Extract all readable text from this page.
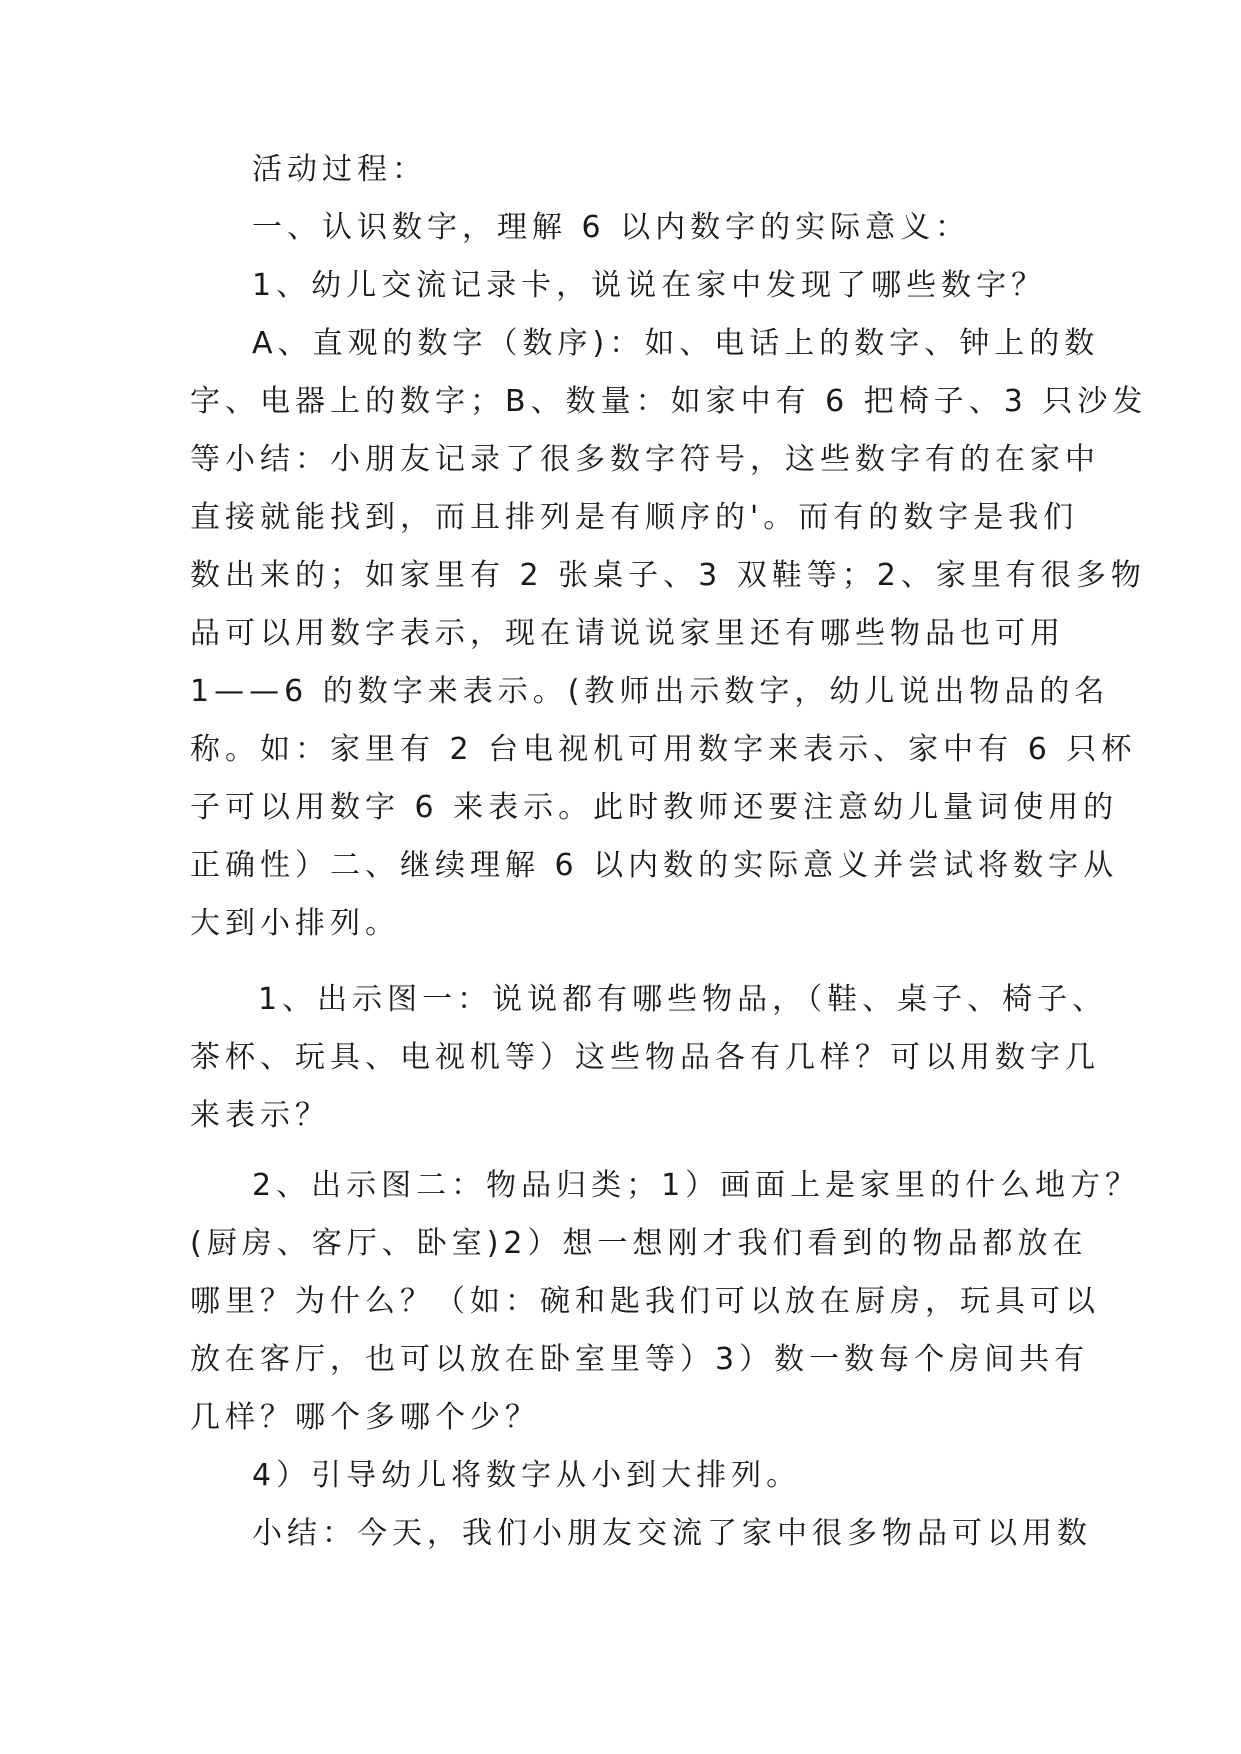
活动过程：
一、认识数字，理解 6 以内数字的实际意义：
1、幼儿交流记录卡，说说在家中发现了哪些数字？
A、直观的数字（数序)：如、电话上的数字、钟上的数
字、电器上的数字；B、数量：如家中有 6 把椅子、3 只沙发
等小结：小朋友记录了很多数字符号，这些数字有的在家中
直接就能找到，而且排列是有顺序的'。而有的数字是我们
数出来的；如家里有 2 张桌子、3 双鞋等；2、家里有很多物
品可以用数字表示，现在请说说家里还有哪些物品也可用
1——6 的数字来表示。(教师出示数字，幼儿说出物品的名
称。如：家里有 2 台电视机可用数字来表示、家中有 6 只杯
子可以用数字 6 来表示。此时教师还要注意幼儿量词使用的
正确性）二、继续理解 6 以内数的实际意义并尝试将数字从
大到小排列。
1、出示图一：说说都有哪些物品，（鞋、桌子、椅子、
茶杯、玩具、电视机等）这些物品各有几样？可以用数字几
来表示？
2、出示图二：物品归类；1）画面上是家里的什么地方？
(厨房、客厅、卧室)2）想一想刚才我们看到的物品都放在
哪里？为什么？（如：碗和匙我们可以放在厨房，玩具可以
放在客厅，也可以放在卧室里等）3）数一数每个房间共有
几样？哪个多哪个少？
4）引导幼儿将数字从小到大排列。
小结：今天，我们小朋友交流了家中很多物品可以用数
